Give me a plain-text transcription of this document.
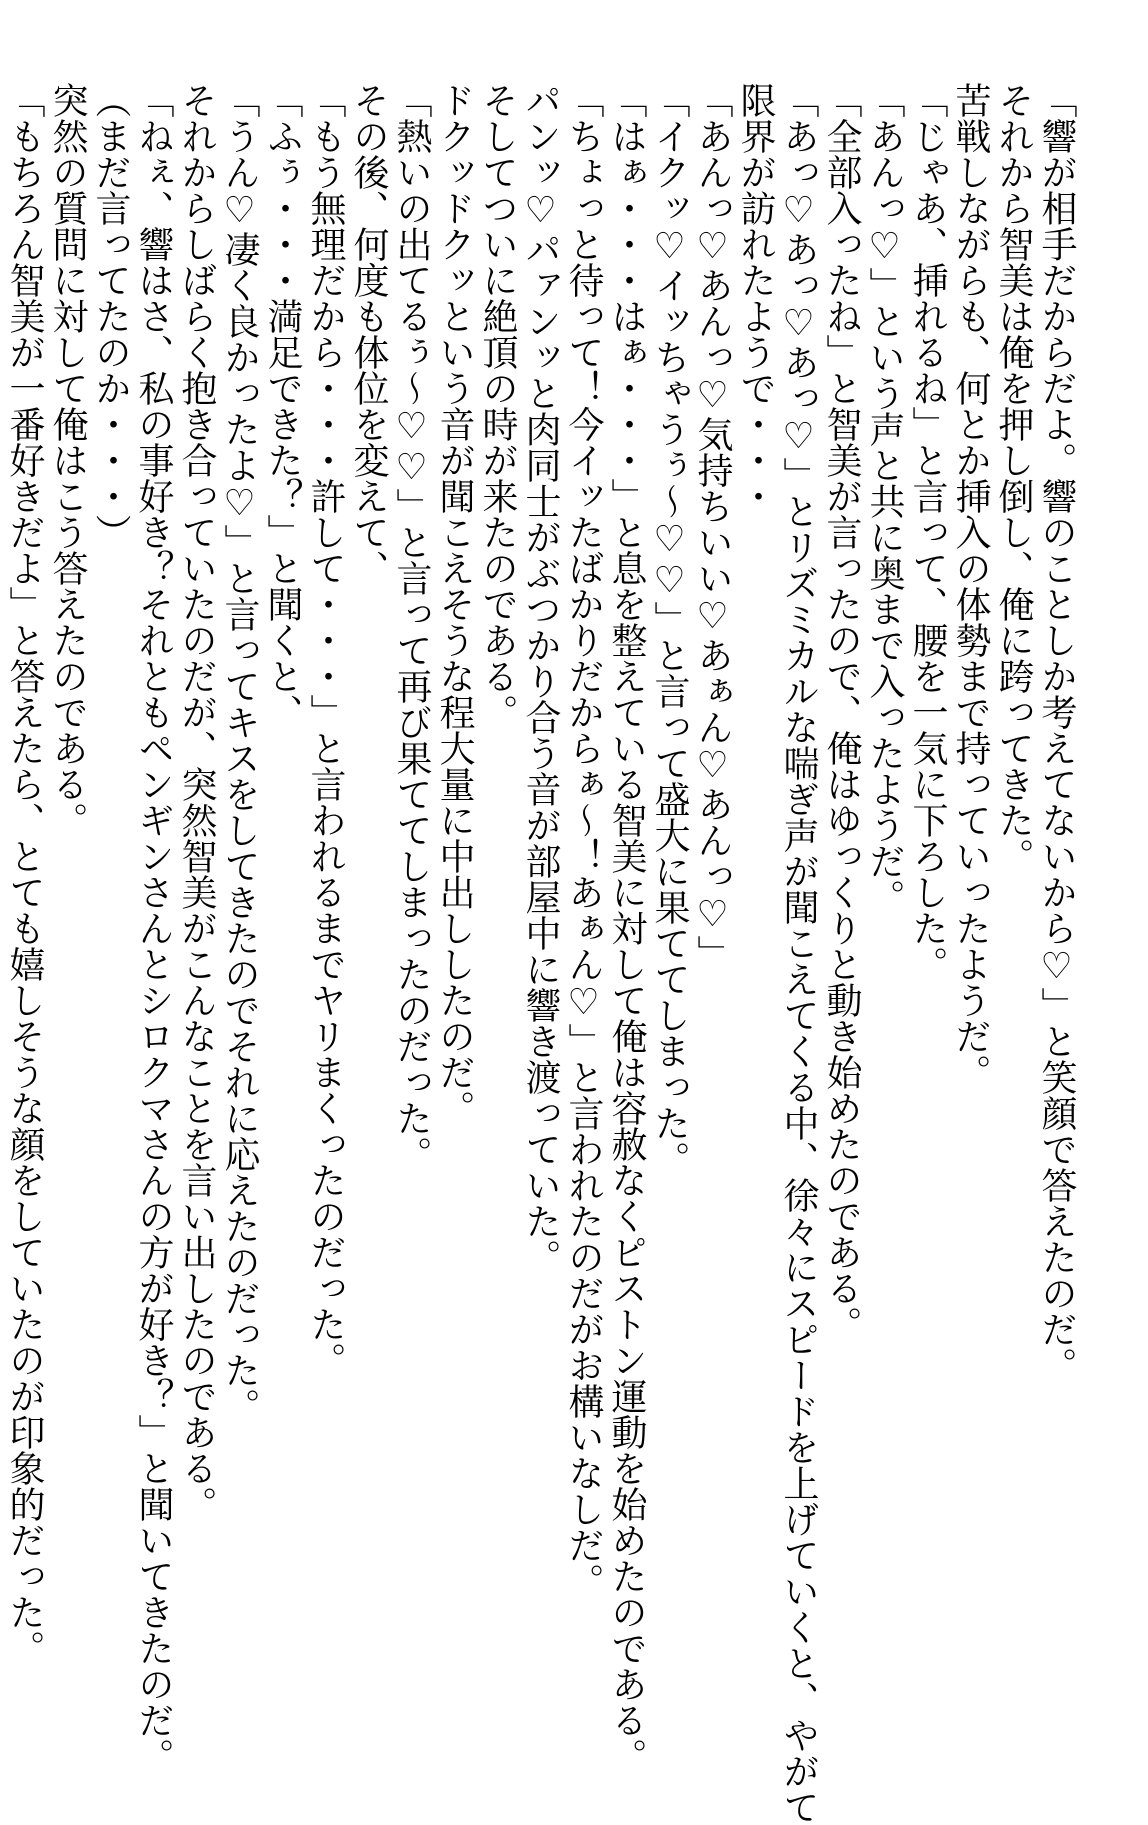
「響が相手だからだよ。響のことしか考えてないから♡」と笑顔で答えたのだ。
それから智美は俺を押し倒し、俺に跨ってきた。
苦戦しながらも、何とか挿入の体勢まで持っていったようだ。
「じゃあ、挿れるね」と言って、腰を一気に下ろした。
「あんっ♡」という声と共に奥まで入ったようだ。
「全部入ったね」と智美が言ったので、俺はゆっくりと動き始めたのである。
「あっ♡あっ♡あっ♡」とリズミカルな喘ぎ声が聞こえてくる中、徐々にスピードを上げていくと、やがて
限界が訪れたようで・・・
「あんっ♡あんっ♡気持ちいい♡あぁん♡あんっ♡」
「イクッ♡イッちゃうぅ～♡♡」と言って盛大に果ててしまった。
「はぁ・・・はぁ・・・」と息を整えている智美に対して俺は容赦なくピストン運動を始めたのである。
「ちょっと待って！今イッたばかりだからぁ～！あぁん♡」と言われたのだがお構いなしだ。
パンッ♡パァンッと肉同士がぶつかり合う音が部屋中に響き渡っていた。
そしてついに絶頂の時が来たのである。
ドクッドクッという音が聞こえそうな程大量に中出ししたのだ。
「熱いの出てるぅ～♡♡」と言って再び果ててしまったのだった。
その後、何度も体位を変えて、
「もう無理だから・・・許して・・・」と言われるまでヤリまくったのだった。
「ふぅ・・・満足できた？」と聞くと、
「うん♡凄く良かったよ♡」と言ってキスをしてきたのでそれに応えたのだった。
それからしばらく抱き合っていたのだが、突然智美がこんなことを言い出したのである。
「ねぇ、響はさ、私の事好き？それともペンギンさんとシロクマさんの方が好き？」と聞いてきたのだ。
（まだ言ってたのか・・・）
突然の質問に対して俺はこう答えたのである。
「もちろん智美が一番好きだよ」と答えたら、とても嬉しそうな顔をしていたのが印象的だった。
